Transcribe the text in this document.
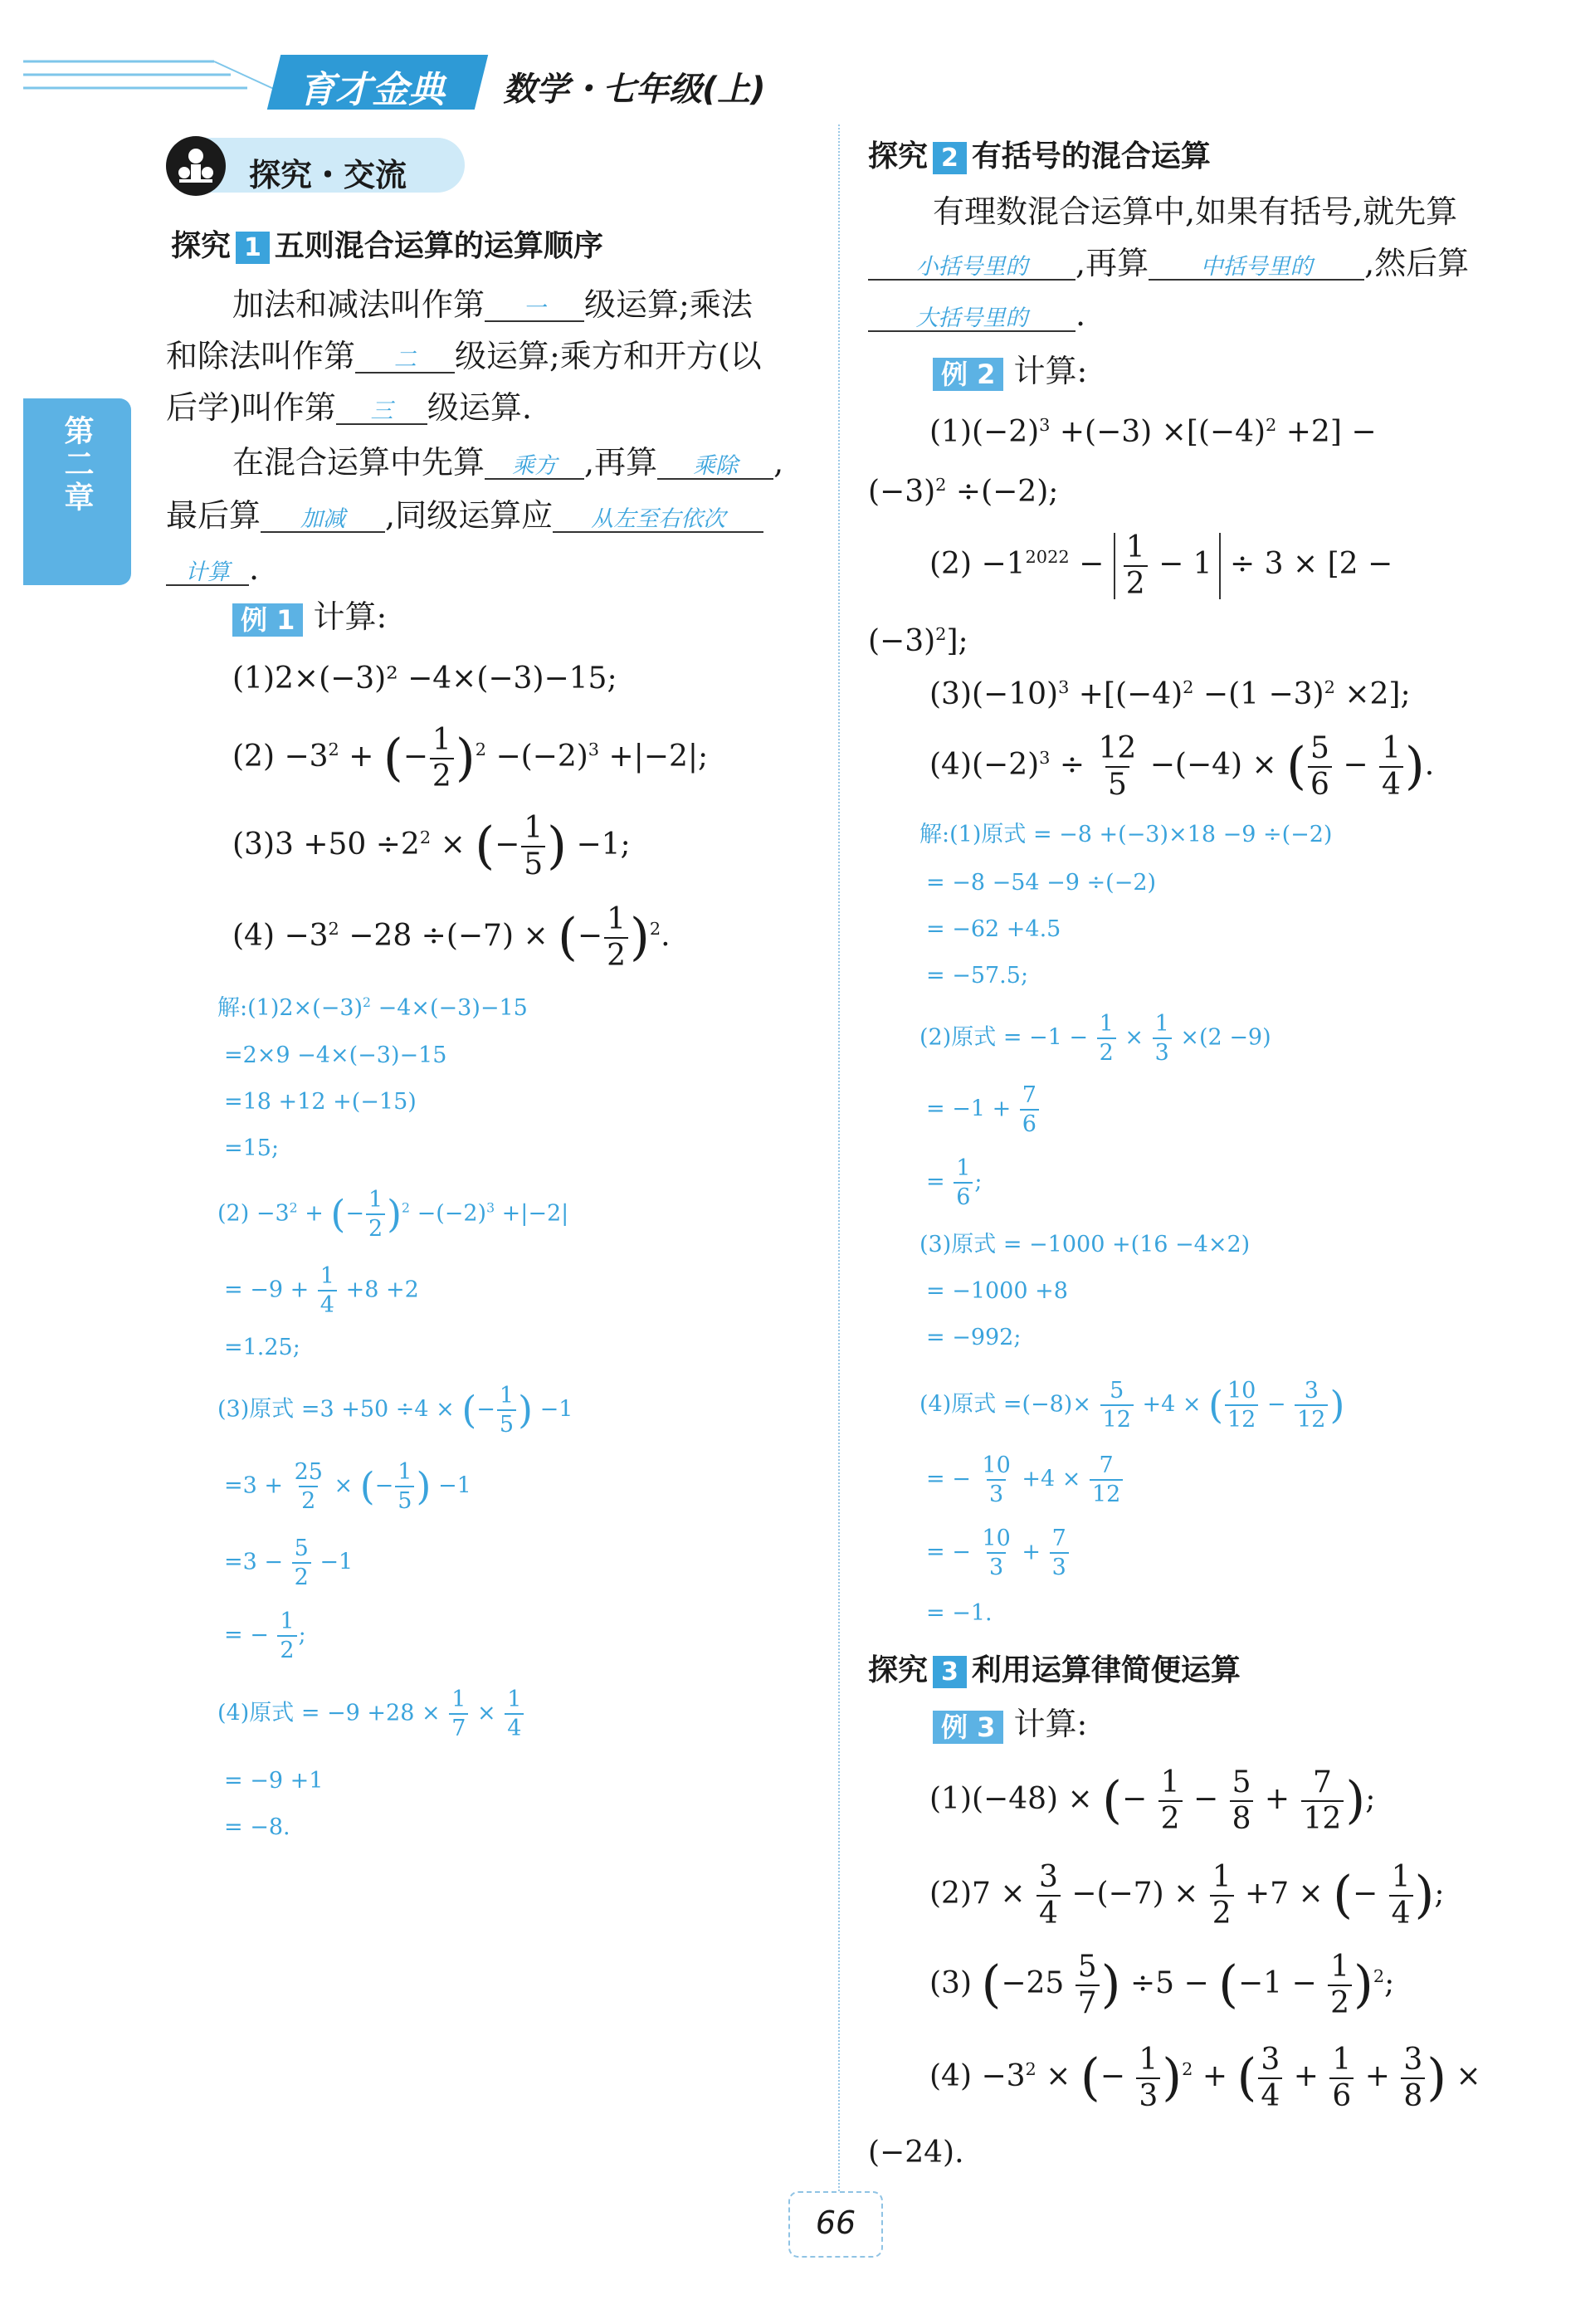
育才金典 数学・七年级(上)
第二章
探究・交流
探究 1 五则混合运算的运算顺序
加法和减法叫作第 一 级运算;乘法
和除法叫作第 二 级运算;乘方和开方(以
后学)叫作第 三 级运算.
在混合运算中先算 乘方 ,再算 乘除 ,
最后算 加减 ,同级运算应 从左至右依次
计算 .
例 1 计算:
(1)2×(−3)² −4×(−3)−15;
$(2) -3^2$ + (− $\frac{1}{2} )^2 -(-2)^3 +|-2|$;
$(3)3 +50 \div 2^2$ × (− $\frac{1}{5}$ ) −1;
$(4) -3^2 -28 \div(-7)$ × (− $\frac{1}{2} )^2$.
解$:(1)2\times(-3)^2 -4\times(-3)-15$
=2×9 −4×(−3)−15
=18 +12 +(−15)
=15;
$(2) -3^2$ + (− $\frac{1}{2} )^2 -(-2)^3 +|-2|$
= $-9 + \frac{1}{4} +8 +2$
=1.25;
(3)原式 =3 +50 ÷4 × (− $\frac{1}{5}$ ) −1
$=3 + \frac{25}{2}$ × (− $\frac{1}{5}$ ) −1
$=3 - \frac{5}{2} -1$
= − $\frac{1}{2}$ ;
(4)原式 = $-9 +28 \times \frac{1}{7} \times \frac{1}{4}$
= −9 +1
= −8.
探究 2 有括号的混合运算
有理数混合运算中,如果有括号,就先算
小括号里的 ,再算 中括号里的 ,然后算
大括号里的 .
例 2 计算:
$(1)(-2)^3 +(-3) \times[(-4)^2 +2]$ −
$(-3)^2 \div(-2)$;
$(2) -1^{2022} - \frac{1}{2} - 1 \div 3 \times [2$ −
$(-3)^2$];
$(3)(-10)^3 +[(-4)^2 -(1 -3)^2 \times 2]$;
$(4)(-2)^3 \div \frac{12}{5} -(-4)$ × ( $\frac{5}{6} - \frac{1}{4}$ ).
解:(1)原式 = −8 +(−3)×18 −9 ÷(−2)
= −8 −54 −9 ÷(−2)
= −62 +4.5
= −57.5;
(2)原式 = $-1 - \frac{1}{2} \times \frac{1}{3} \times(2 -9)$
= $-1 + \frac{7}{6}$
= $\frac{1}{6}$ ;
(3)原式 = −1000 +(16 −4×2)
= −1000 +8
= −992;
(4)原式 $=(-8)\times \frac{5}{12} +4$ × ( $\frac{10}{12} - \frac{3}{12}$ )
= − $\frac{10}{3} +4 \times \frac{7}{12}$
= − $\frac{10}{3} + \frac{7}{3}$
= −1.
探究 3 利用运算律简便运算
例 3 计算:
(1)(−48) × (− $\frac{1}{2} - \frac{5}{8} + \frac{7}{12}$ );
$(2)7 \times \frac{3}{4} -(-7) \times \frac{1}{2} +7$ × (− $\frac{1}{4}$ );
(3) ($-25 \frac{5}{7}$ ) $\div 5 - (-1 - \frac{1}{2} )^2$;
$(4) -3^2$ × (− $\frac{1}{3} )^2$ + ( $\frac{3}{4} + \frac{1}{6} + \frac{3}{8}$ ) ×
(−24).
66
